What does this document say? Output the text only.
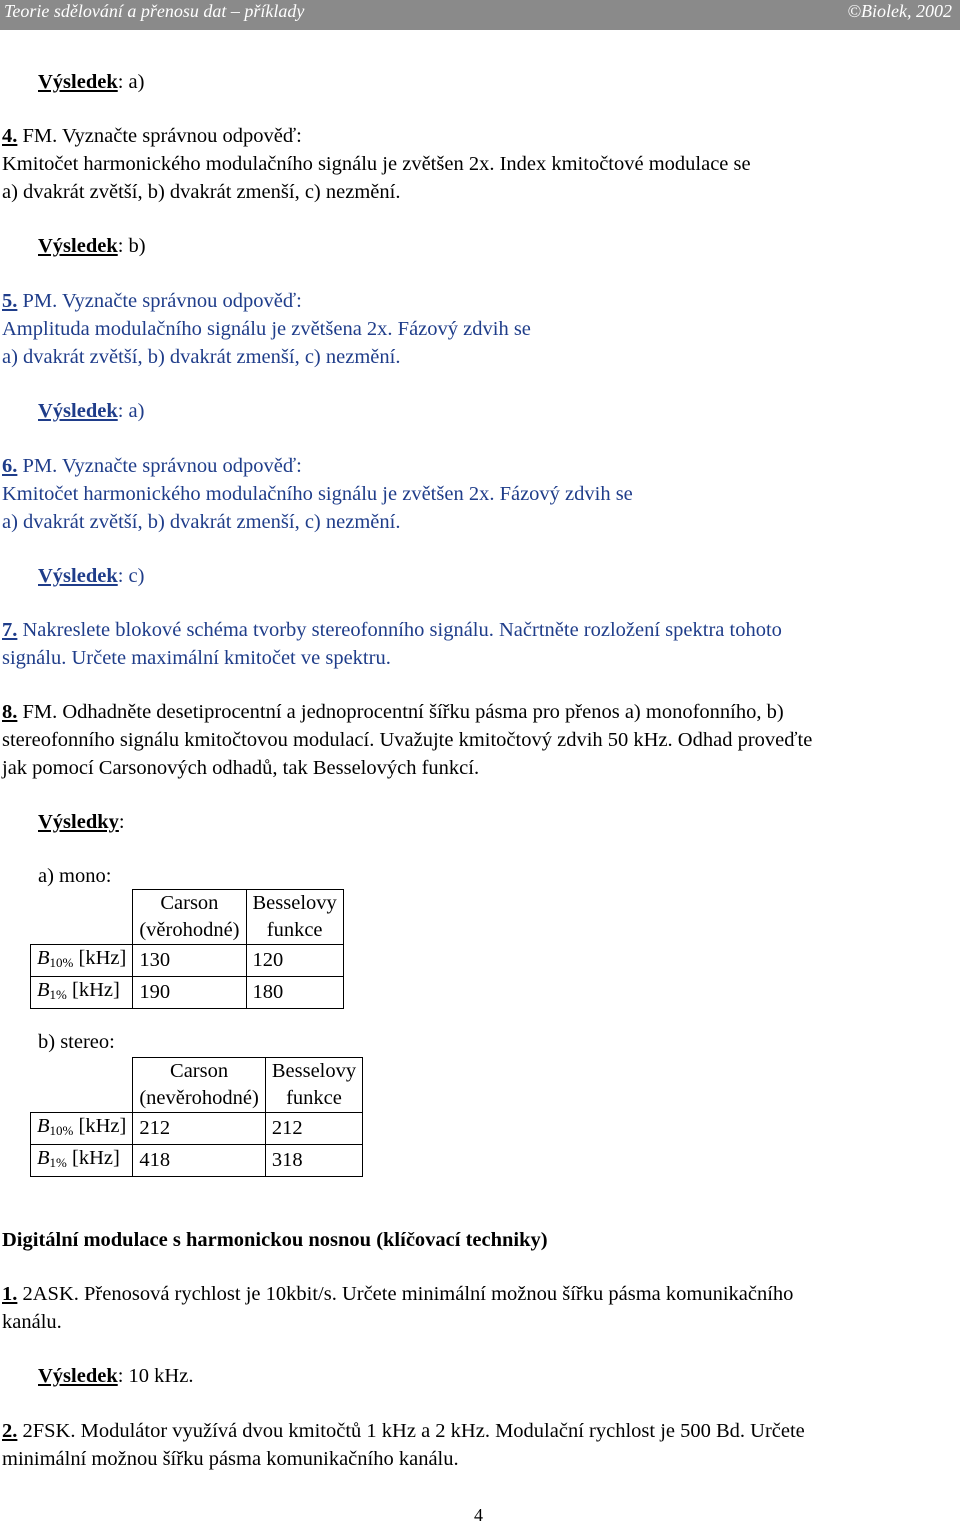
Teorie sdělování a přenosu dat – příklady	©Biolek, 2002
Výsledek: a)
4. FM. Vyznačte správnou odpověď:
Kmitočet harmonického modulačního signálu je zvětšen 2x. Index kmitočtové modulace se
a) dvakrát zvětší, b) dvakrát zmenší, c) nezmění.
Výsledek: b)
5. PM. Vyznačte správnou odpověď:
Amplituda modulačního signálu je zvětšena 2x. Fázový zdvih se
a) dvakrát zvětší, b) dvakrát zmenší, c) nezmění.
Výsledek: a)
6. PM. Vyznačte správnou odpověď:
Kmitočet harmonického modulačního signálu je zvětšen 2x. Fázový zdvih se
a) dvakrát zvětší, b) dvakrát zmenší, c) nezmění.
Výsledek: c)
7. Nakreslete blokové schéma tvorby stereofonního signálu. Načrtněte rozložení spektra tohoto
signálu. Určete maximální kmitočet ve spektru.
8. FM. Odhadněte desetiprocentní a jednoprocentní šířku pásma pro přenos a) monofonního, b)
stereofonního signálu kmitočtovou modulací. Uvažujte kmitočtový zdvih 50 kHz. Odhad proveďte
jak pomocí Carsonových odhadů, tak Besselových funkcí.
Výsledky:
a) mono:
	Carson
(věrohodné)	Besselovy
funkce
$B_{10\%}$ [kHz]	130	120
$B_{1\%}$ [kHz]	190	180
b) stereo:
	Carson
(nevěrohodné)	Besselovy
funkce
$B_{10\%}$ [kHz]	212	212
$B_{1\%}$ [kHz]	418	318
Digitální modulace s harmonickou nosnou (klíčovací techniky)
1. 2ASK. Přenosová rychlost je 10kbit/s. Určete minimální možnou šířku pásma komunikačního
kanálu.
Výsledek: 10 kHz.
2. 2FSK. Modulátor využívá dvou kmitočtů 1 kHz a 2 kHz. Modulační rychlost je 500 Bd. Určete
minimální možnou šířku pásma komunikačního kanálu.
4
